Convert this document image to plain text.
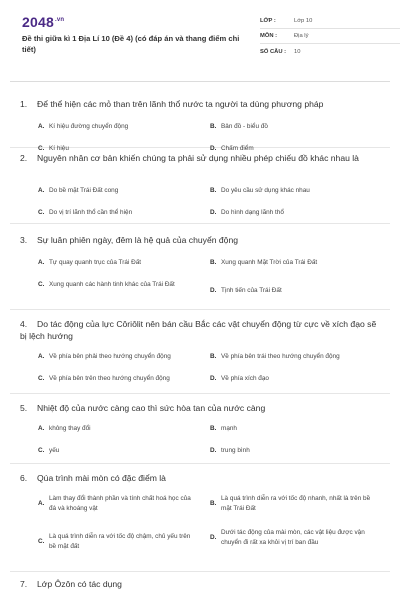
$2048^{.vn}$
Đề thi giữa kì 1 Địa Lí 10 (Đề 4) (có đáp án và thang điểm chi tiết)
LỚP :	Lớp 10
MÔN :	Địa lý
SỐ CÂU :	10
1. Để thể hiện các mỏ than trên lãnh thổ nước ta người ta dùng phương pháp
A. Kí hiệu đường chuyển động	B. Bản đồ - biểu đồ
C. Kí hiệu	D. Chấm điểm
2. Nguyên nhân cơ bản khiến chúng ta phải sử dụng nhiều phép chiếu đồ khác nhau là
A. Do bề mặt Trái Đất cong	B. Do yêu cầu sử dụng khác nhau
C. Do vị trí lãnh thổ cần thể hiện	D. Do hình dạng lãnh thổ
3. Sự luân phiên ngày, đêm là hệ quả của chuyển động
A. Tự quay quanh trục của Trái Đất	B. Xung quanh Mặt Trời của Trái Đất
C. Xung quanh các hành tinh khác của Trái Đất
D. Tịnh tiến của Trái Đất
4. Do tác động của lực Côriôlit nên bán cầu Bắc các vật chuyển động từ cực về xích đạo sẽ bị lệch hướng
A. Về phía bên phải theo hướng chuyển động	B. Về phía bên trái theo hướng chuyển động
C. Về phía bên trên theo hướng chuyển động	D. Về phía xích đạo
5. Nhiệt độ của nước càng cao thì sức hòa tan của nước càng
A. không thay đổi	B. mạnh
C. yếu	D. trung bình
6. Qúa trình mài mòn có đặc điểm là
A.
Làm thay đổi thành phần và tính chất hoá học của đá và khoáng vật
B.
Là quá trình diễn ra với tốc độ nhanh, nhất là trên bề mặt Trái Đất
C.
Là quá trình diễn ra với tốc độ chậm, chủ yếu trên bề mặt đất
D.
Dưới tác động của mài mòn, các vật liệu được vận chuyển đi rất xa khỏi vị trí ban đầu
7. Lớp Ôzôn có tác dụng
